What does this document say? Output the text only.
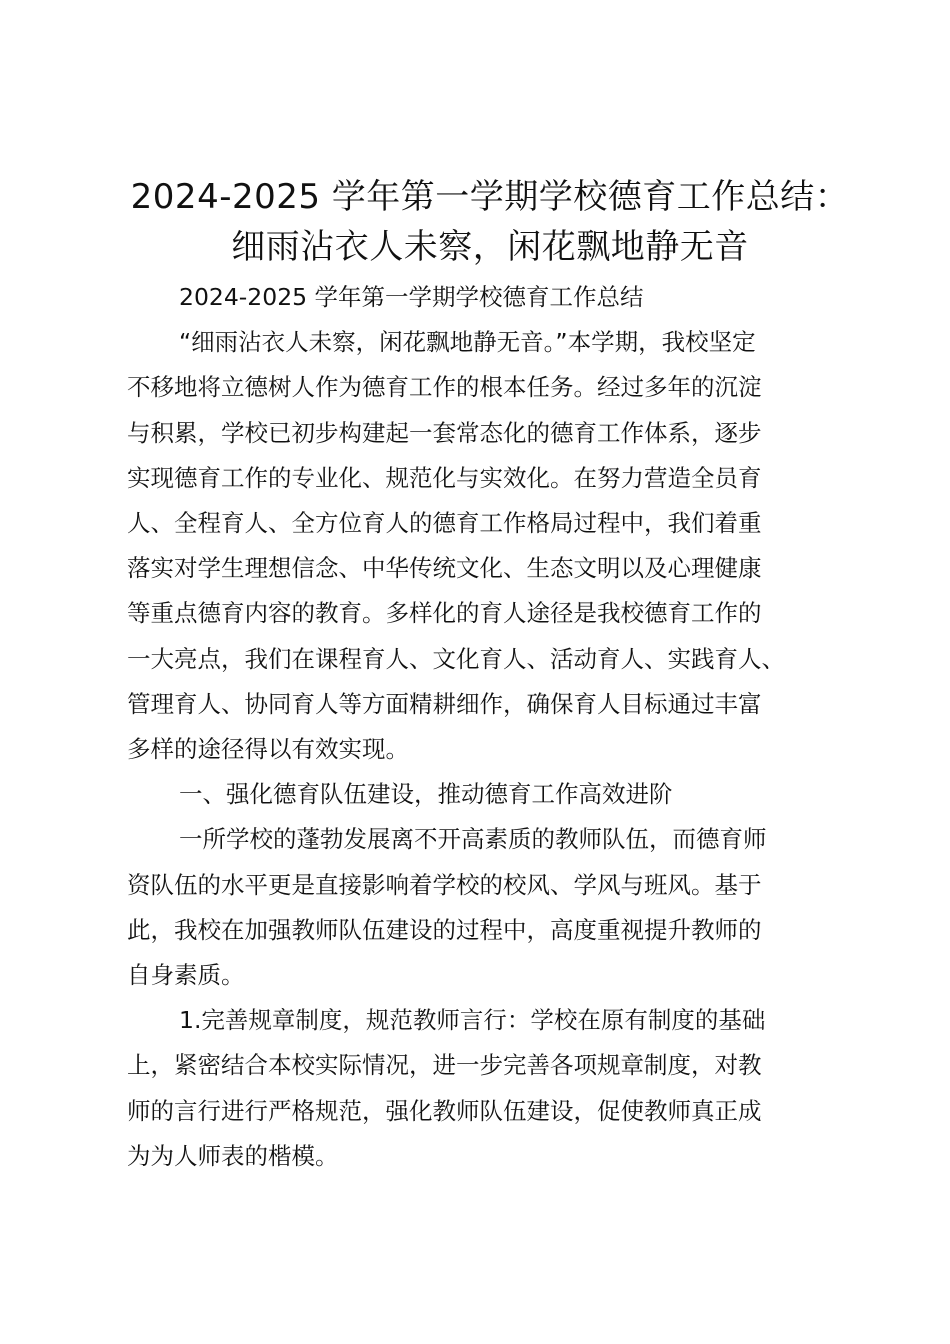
2024-2025 学年第一学期学校德育工作总结：
细雨沾衣人未察，闲花飘地静无音

2024-2025 学年第一学期学校德育工作总结

“细雨沾衣人未察，闲花飘地静无音。”本学期，我校坚定

不移地将立德树人作为德育工作的根本任务。经过多年的沉淀

与积累，学校已初步构建起一套常态化的德育工作体系，逐步

实现德育工作的专业化、规范化与实效化。在努力营造全员育

人、全程育人、全方位育人的德育工作格局过程中，我们着重

落实对学生理想信念、中华传统文化、生态文明以及心理健康

等重点德育内容的教育。多样化的育人途径是我校德育工作的

一大亮点，我们在课程育人、文化育人、活动育人、实践育人、

管理育人、协同育人等方面精耕细作，确保育人目标通过丰富

多样的途径得以有效实现。

一、强化德育队伍建设，推动德育工作高效进阶

一所学校的蓬勃发展离不开高素质的教师队伍，而德育师

资队伍的水平更是直接影响着学校的校风、学风与班风。基于

此，我校在加强教师队伍建设的过程中，高度重视提升教师的

自身素质。

1.完善规章制度，规范教师言行：学校在原有制度的基础

上，紧密结合本校实际情况，进一步完善各项规章制度，对教

师的言行进行严格规范，强化教师队伍建设，促使教师真正成

为为人师表的楷模。
